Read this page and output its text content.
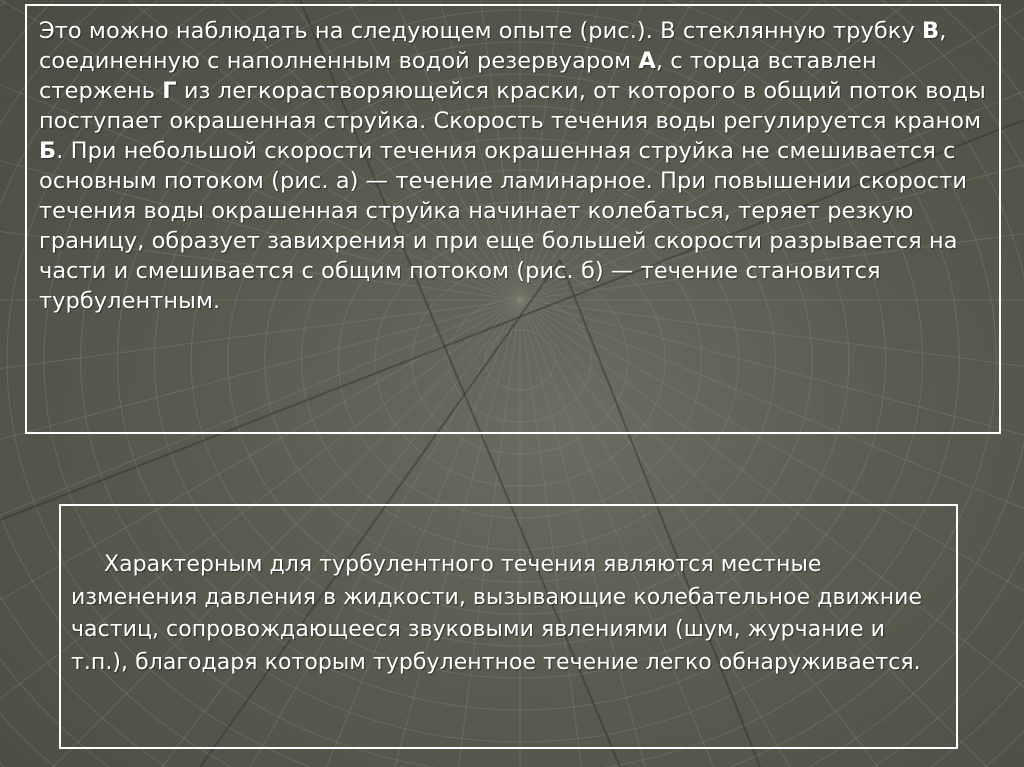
Это можно наблюдать на следующем опыте (рис.). В стеклянную трубку В, соединенную с наполненным водой резервуаром А, с торца вставлен стержень Г из легкорастворяющейся краски, от которого в общий поток воды поступает окрашенная струйка. Скорость течения воды регулируется краном Б. При небольшой скорости течения окрашенная струйка не смешивается с основным потоком (рис. а) — течение ламинарное. При повышении скорости течения воды окрашенная струйка начинает колебаться, теряет резкую границу, образует завихрения и при еще большей скорости разрывается на части и смешивается с общим потоком (рис. б) — течение становится турбулентным.

Характерным для турбулентного течения являются местные изменения давления в жидкости, вызывающие колебательное движние частиц, сопровождающееся звуковыми явлениями (шум, журчание и т.п.), благодаря которым турбулентное течение легко обнаруживается.
